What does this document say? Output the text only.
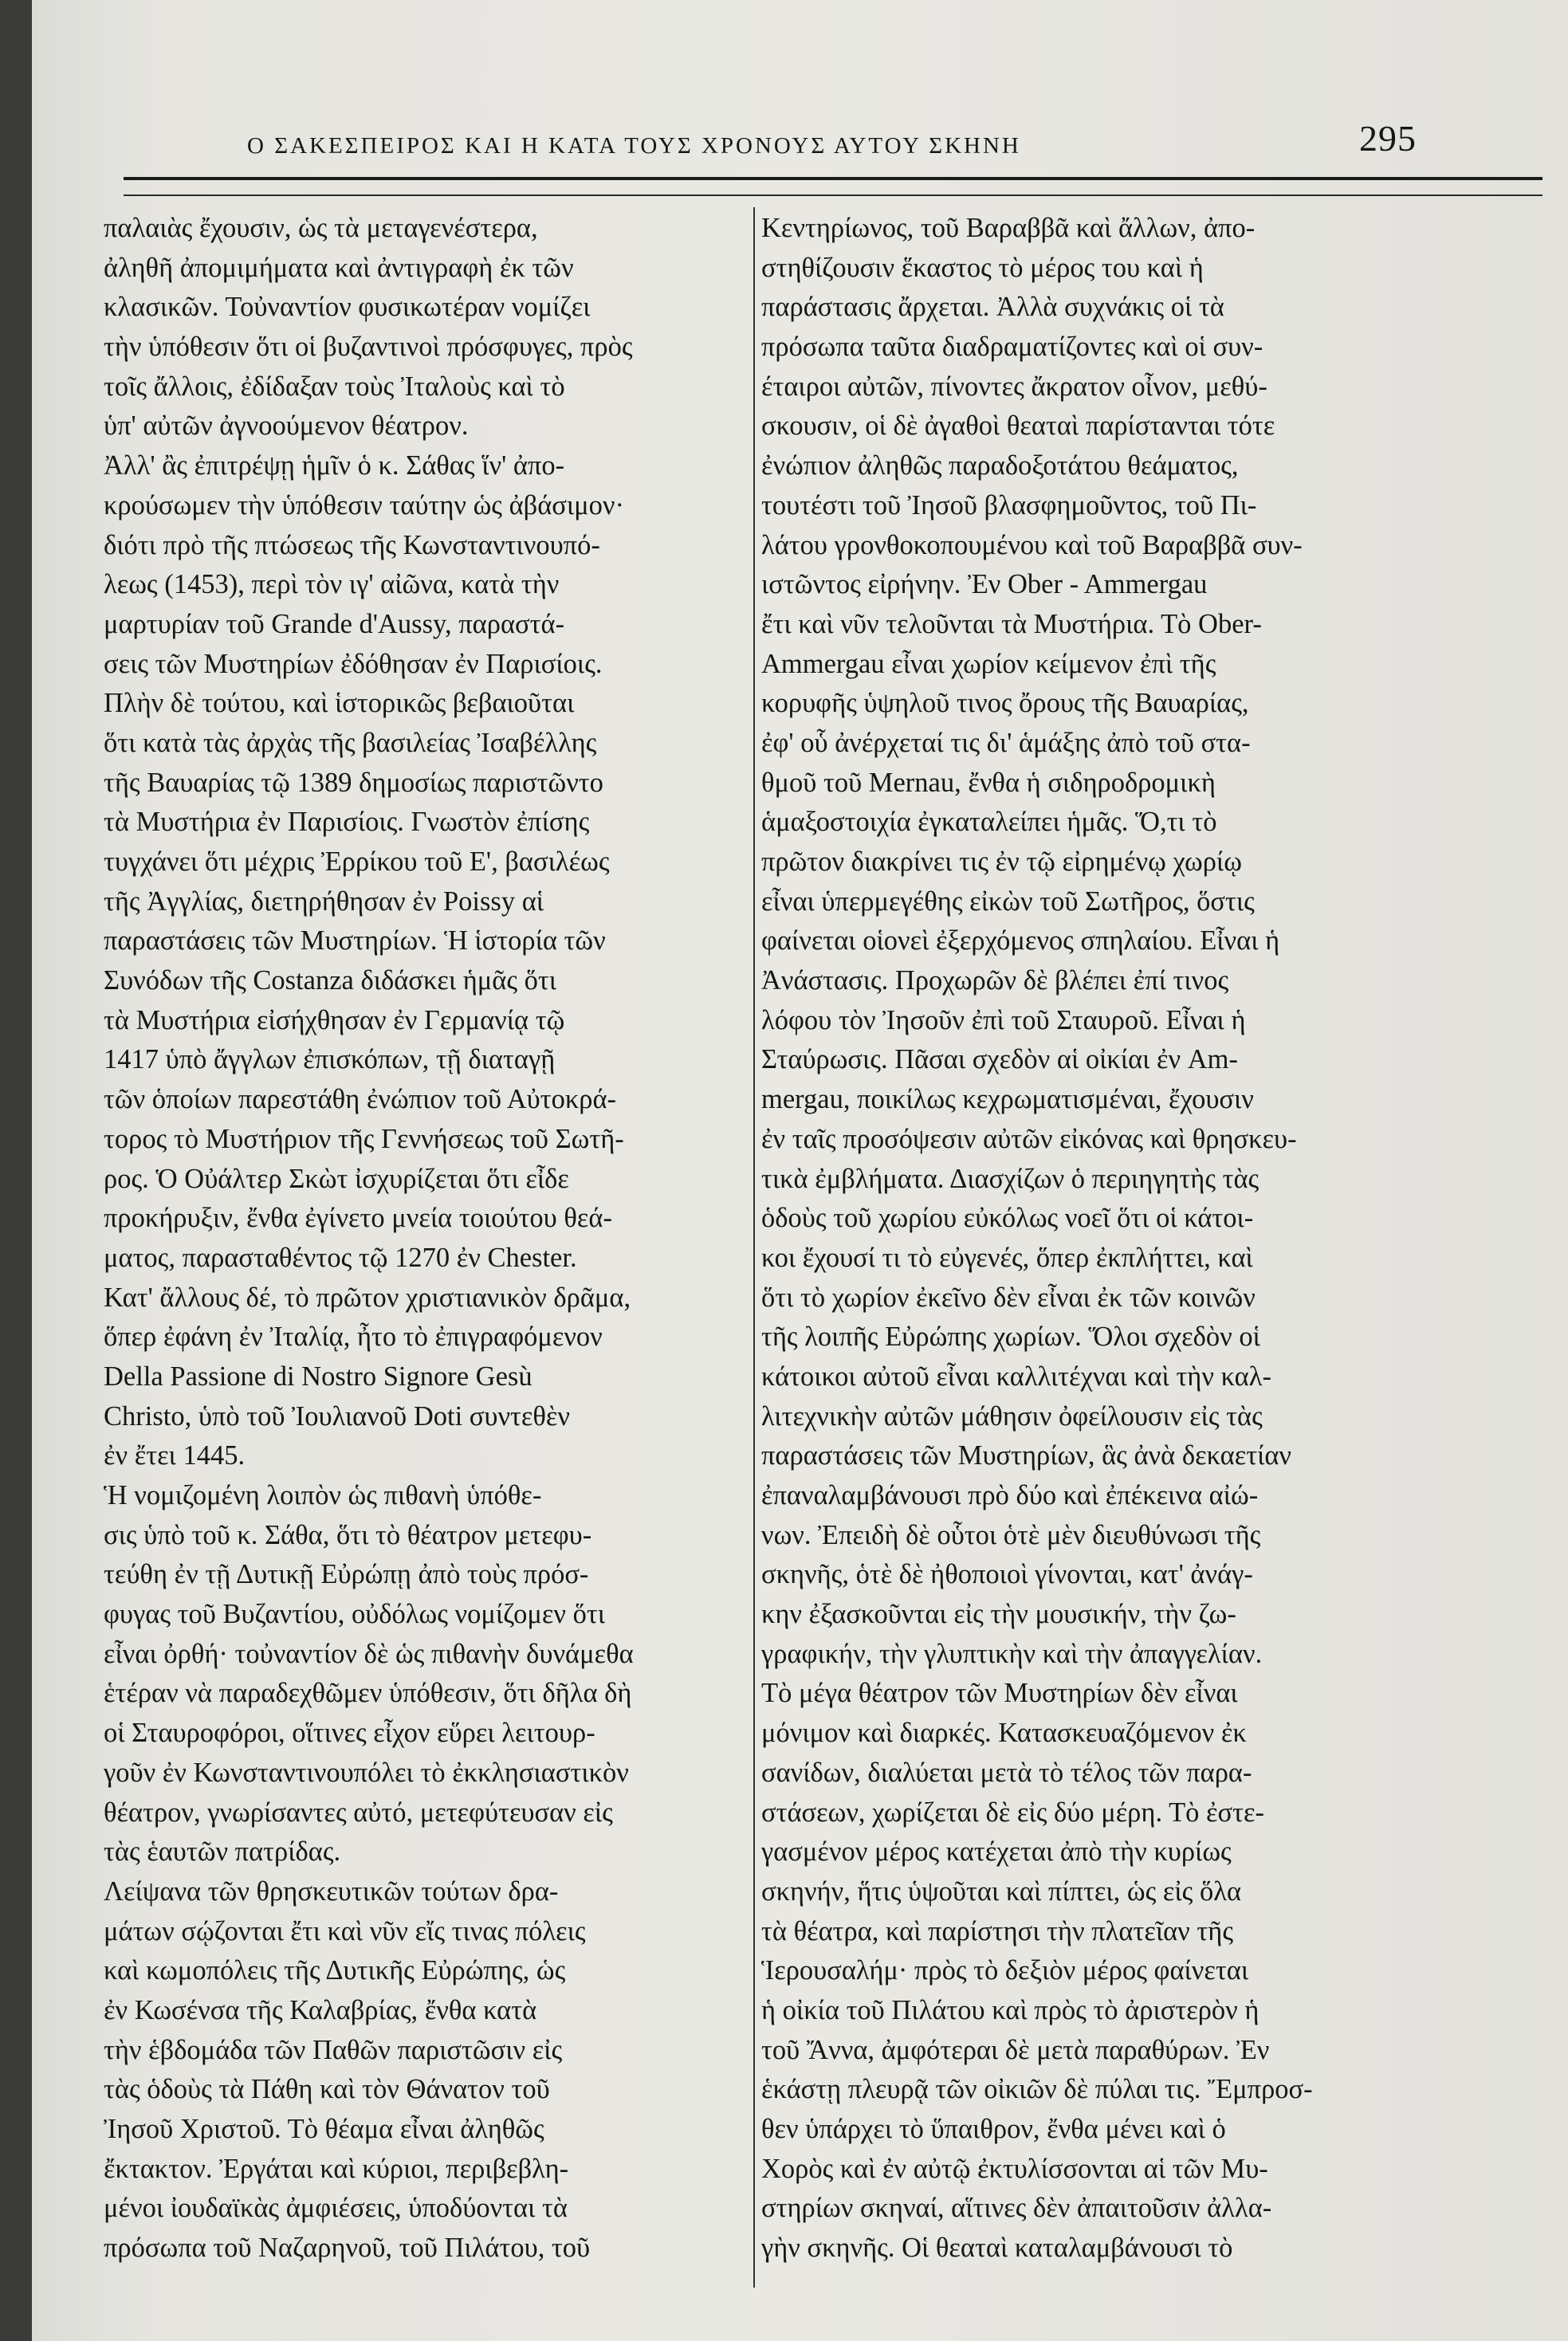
Ο ΣΑΚΕΣΠΕΙΡΟΣ ΚΑΙ Η ΚΑΤΑ ΤΟΥΣ ΧΡΟΝΟΥΣ ΑΥΤΟΥ ΣΚΗΝΗ	295
παλαιὰς ἔχουσιν, ὡς τὰ μεταγενέστερα,
ἀληθῆ ἀπομιμήματα καὶ ἀντιγραφὴ ἐκ τῶν
κλασικῶν. Τοὐναντίον φυσικωτέραν νομίζει
τὴν ὑπόθεσιν ὅτι οἱ βυζαντινοὶ πρόσφυγες, πρὸς
τοῖς ἄλλοις, ἐδίδαξαν τοὺς Ἰταλοὺς καὶ τὸ
ὑπ' αὐτῶν ἀγνοούμενον θέατρον.
Ἀλλ' ἂς ἐπιτρέψῃ ἡμῖν ὁ κ. Σάθας ἵν' ἀπο-
κρούσωμεν τὴν ὑπόθεσιν ταύτην ὡς ἀβάσιμον·
διότι πρὸ τῆς πτώσεως τῆς Κωνσταντινουπό-
λεως (1453), περὶ τὸν ιγ' αἰῶνα, κατὰ τὴν
μαρτυρίαν τοῦ Grande d'Aussy, παραστά-
σεις τῶν Μυστηρίων ἐδόθησαν ἐν Παρισίοις.
Πλὴν δὲ τούτου, καὶ ἱστορικῶς βεβαιοῦται
ὅτι κατὰ τὰς ἀρχὰς τῆς βασιλείας Ἰσαβέλλης
τῆς Βαυαρίας τῷ 1389 δημοσίως παριστῶντο
τὰ Μυστήρια ἐν Παρισίοις. Γνωστὸν ἐπίσης
τυγχάνει ὅτι μέχρις Ἐρρίκου τοῦ Ε', βασιλέως
τῆς Ἀγγλίας, διετηρήθησαν ἐν Poissy αἱ
παραστάσεις τῶν Μυστηρίων. Ἡ ἱστορία τῶν
Συνόδων τῆς Costanza διδάσκει ἡμᾶς ὅτι
τὰ Μυστήρια εἰσήχθησαν ἐν Γερμανίᾳ τῷ
1417 ὑπὸ ἄγγλων ἐπισκόπων, τῇ διαταγῇ
τῶν ὁποίων παρεστάθη ἐνώπιον τοῦ Αὐτοκρά-
τορος τὸ Μυστήριον τῆς Γεννήσεως τοῦ Σωτῆ-
ρος. Ὁ Οὐάλτερ Σκὼτ ἰσχυρίζεται ὅτι εἶδε
προκήρυξιν, ἔνθα ἐγίνετο μνεία τοιούτου θεά-
ματος, παρασταθέντος τῷ 1270 ἐν Chester.
Κατ' ἄλλους δέ, τὸ πρῶτον χριστιανικὸν δρᾶμα,
ὅπερ ἐφάνη ἐν Ἰταλίᾳ, ἦτο τὸ ἐπιγραφόμενον
Della Passione di Nostro Signore Gesù
Christo, ὑπὸ τοῦ Ἰουλιανοῦ Doti συντεθὲν
ἐν ἔτει 1445.
Ἡ νομιζομένη λοιπὸν ὡς πιθανὴ ὑπόθε-
σις ὑπὸ τοῦ κ. Σάθα, ὅτι τὸ θέατρον μετεφυ-
τεύθη ἐν τῇ Δυτικῇ Εὐρώπῃ ἀπὸ τοὺς πρόσ-
φυγας τοῦ Βυζαντίου, οὐδόλως νομίζομεν ὅτι
εἶναι ὀρθή· τοὐναντίον δὲ ὡς πιθανὴν δυνάμεθα
ἑτέραν νὰ παραδεχθῶμεν ὑπόθεσιν, ὅτι δῆλα δὴ
οἱ Σταυροφόροι, οἵτινες εἶχον εὕρει λειτουρ-
γοῦν ἐν Κωνσταντινουπόλει τὸ ἐκκλησιαστικὸν
θέατρον, γνωρίσαντες αὐτό, μετεφύτευσαν εἰς
τὰς ἑαυτῶν πατρίδας.
Λείψανα τῶν θρησκευτικῶν τούτων δρα-
μάτων σῴζονται ἔτι καὶ νῦν εἴς τινας πόλεις
καὶ κωμοπόλεις τῆς Δυτικῆς Εὐρώπης, ὡς
ἐν Κωσένσα τῆς Καλαβρίας, ἔνθα κατὰ
τὴν ἑβδομάδα τῶν Παθῶν παριστῶσιν εἰς
τὰς ὁδοὺς τὰ Πάθη καὶ τὸν Θάνατον τοῦ
Ἰησοῦ Χριστοῦ. Τὸ θέαμα εἶναι ἀληθῶς
ἔκτακτον. Ἐργάται καὶ κύριοι, περιβεβλη-
μένοι ἰουδαϊκὰς ἀμφιέσεις, ὑποδύονται τὰ
πρόσωπα τοῦ Ναζαρηνοῦ, τοῦ Πιλάτου, τοῦ
Κεντηρίωνος, τοῦ Βαραββᾶ καὶ ἄλλων, ἀπο-
στηθίζουσιν ἕκαστος τὸ μέρος του καὶ ἡ
παράστασις ἄρχεται. Ἀλλὰ συχνάκις οἱ τὰ
πρόσωπα ταῦτα διαδραματίζοντες καὶ οἱ συν-
έταιροι αὐτῶν, πίνοντες ἄκρατον οἶνον, μεθύ-
σκουσιν, οἱ δὲ ἀγαθοὶ θεαταὶ παρίστανται τότε
ἐνώπιον ἀληθῶς παραδοξοτάτου θεάματος,
τουτέστι τοῦ Ἰησοῦ βλασφημοῦντος, τοῦ Πι-
λάτου γρονθοκοπουμένου καὶ τοῦ Βαραββᾶ συν-
ιστῶντος εἰρήνην. Ἐν Ober - Ammergau
ἔτι καὶ νῦν τελοῦνται τὰ Μυστήρια. Τὸ Ober-
Ammergau εἶναι χωρίον κείμενον ἐπὶ τῆς
κορυφῆς ὑψηλοῦ τινος ὄρους τῆς Βαυαρίας,
ἐφ' οὗ ἀνέρχεταί τις δι' ἁμάξης ἀπὸ τοῦ στα-
θμοῦ τοῦ Mernau, ἔνθα ἡ σιδηροδρομικὴ
ἁμαξοστοιχία ἐγκαταλείπει ἡμᾶς. Ὅ,τι τὸ
πρῶτον διακρίνει τις ἐν τῷ εἰρημένῳ χωρίῳ
εἶναι ὑπερμεγέθης εἰκὼν τοῦ Σωτῆρος, ὅστις
φαίνεται οἱονεὶ ἐξερχόμενος σπηλαίου. Εἶναι ἡ
Ἀνάστασις. Προχωρῶν δὲ βλέπει ἐπί τινος
λόφου τὸν Ἰησοῦν ἐπὶ τοῦ Σταυροῦ. Εἶναι ἡ
Σταύρωσις. Πᾶσαι σχεδὸν αἱ οἰκίαι ἐν Am-
mergau, ποικίλως κεχρωματισμέναι, ἔχουσιν
ἐν ταῖς προσόψεσιν αὐτῶν εἰκόνας καὶ θρησκευ-
τικὰ ἐμβλήματα. Διασχίζων ὁ περιηγητὴς τὰς
ὁδοὺς τοῦ χωρίου εὐκόλως νοεῖ ὅτι οἱ κάτοι-
κοι ἔχουσί τι τὸ εὐγενές, ὅπερ ἐκπλήττει, καὶ
ὅτι τὸ χωρίον ἐκεῖνο δὲν εἶναι ἐκ τῶν κοινῶν
τῆς λοιπῆς Εὐρώπης χωρίων. Ὅλοι σχεδὸν οἱ
κάτοικοι αὐτοῦ εἶναι καλλιτέχναι καὶ τὴν καλ-
λιτεχνικὴν αὐτῶν μάθησιν ὀφείλουσιν εἰς τὰς
παραστάσεις τῶν Μυστηρίων, ἃς ἀνὰ δεκαετίαν
ἐπαναλαμβάνουσι πρὸ δύο καὶ ἐπέκεινα αἰώ-
νων. Ἐπειδὴ δὲ οὗτοι ὁτὲ μὲν διευθύνωσι τῆς
σκηνῆς, ὁτὲ δὲ ἠθοποιοὶ γίνονται, κατ' ἀνάγ-
κην ἐξασκοῦνται εἰς τὴν μουσικήν, τὴν ζω-
γραφικήν, τὴν γλυπτικὴν καὶ τὴν ἀπαγγελίαν.
Τὸ μέγα θέατρον τῶν Μυστηρίων δὲν εἶναι
μόνιμον καὶ διαρκές. Κατασκευαζόμενον ἐκ
σανίδων, διαλύεται μετὰ τὸ τέλος τῶν παρα-
στάσεων, χωρίζεται δὲ εἰς δύο μέρη. Τὸ ἐστε-
γασμένον μέρος κατέχεται ἀπὸ τὴν κυρίως
σκηνήν, ἥτις ὑψοῦται καὶ πίπτει, ὡς εἰς ὅλα
τὰ θέατρα, καὶ παρίστησι τὴν πλατεῖαν τῆς
Ἱερουσαλήμ· πρὸς τὸ δεξιὸν μέρος φαίνεται
ἡ οἰκία τοῦ Πιλάτου καὶ πρὸς τὸ ἀριστερὸν ἡ
τοῦ Ἄννα, ἀμφότεραι δὲ μετὰ παραθύρων. Ἐν
ἑκάστῃ πλευρᾷ τῶν οἰκιῶν δὲ πύλαι τις. Ἔμπροσ-
θεν ὑπάρχει τὸ ὕπαιθρον, ἔνθα μένει καὶ ὁ
Χορὸς καὶ ἐν αὐτῷ ἐκτυλίσσονται αἱ τῶν Μυ-
στηρίων σκηναί, αἵτινες δὲν ἀπαιτοῦσιν ἀλλα-
γὴν σκηνῆς. Οἱ θεαταὶ καταλαμβάνουσι τὸ
